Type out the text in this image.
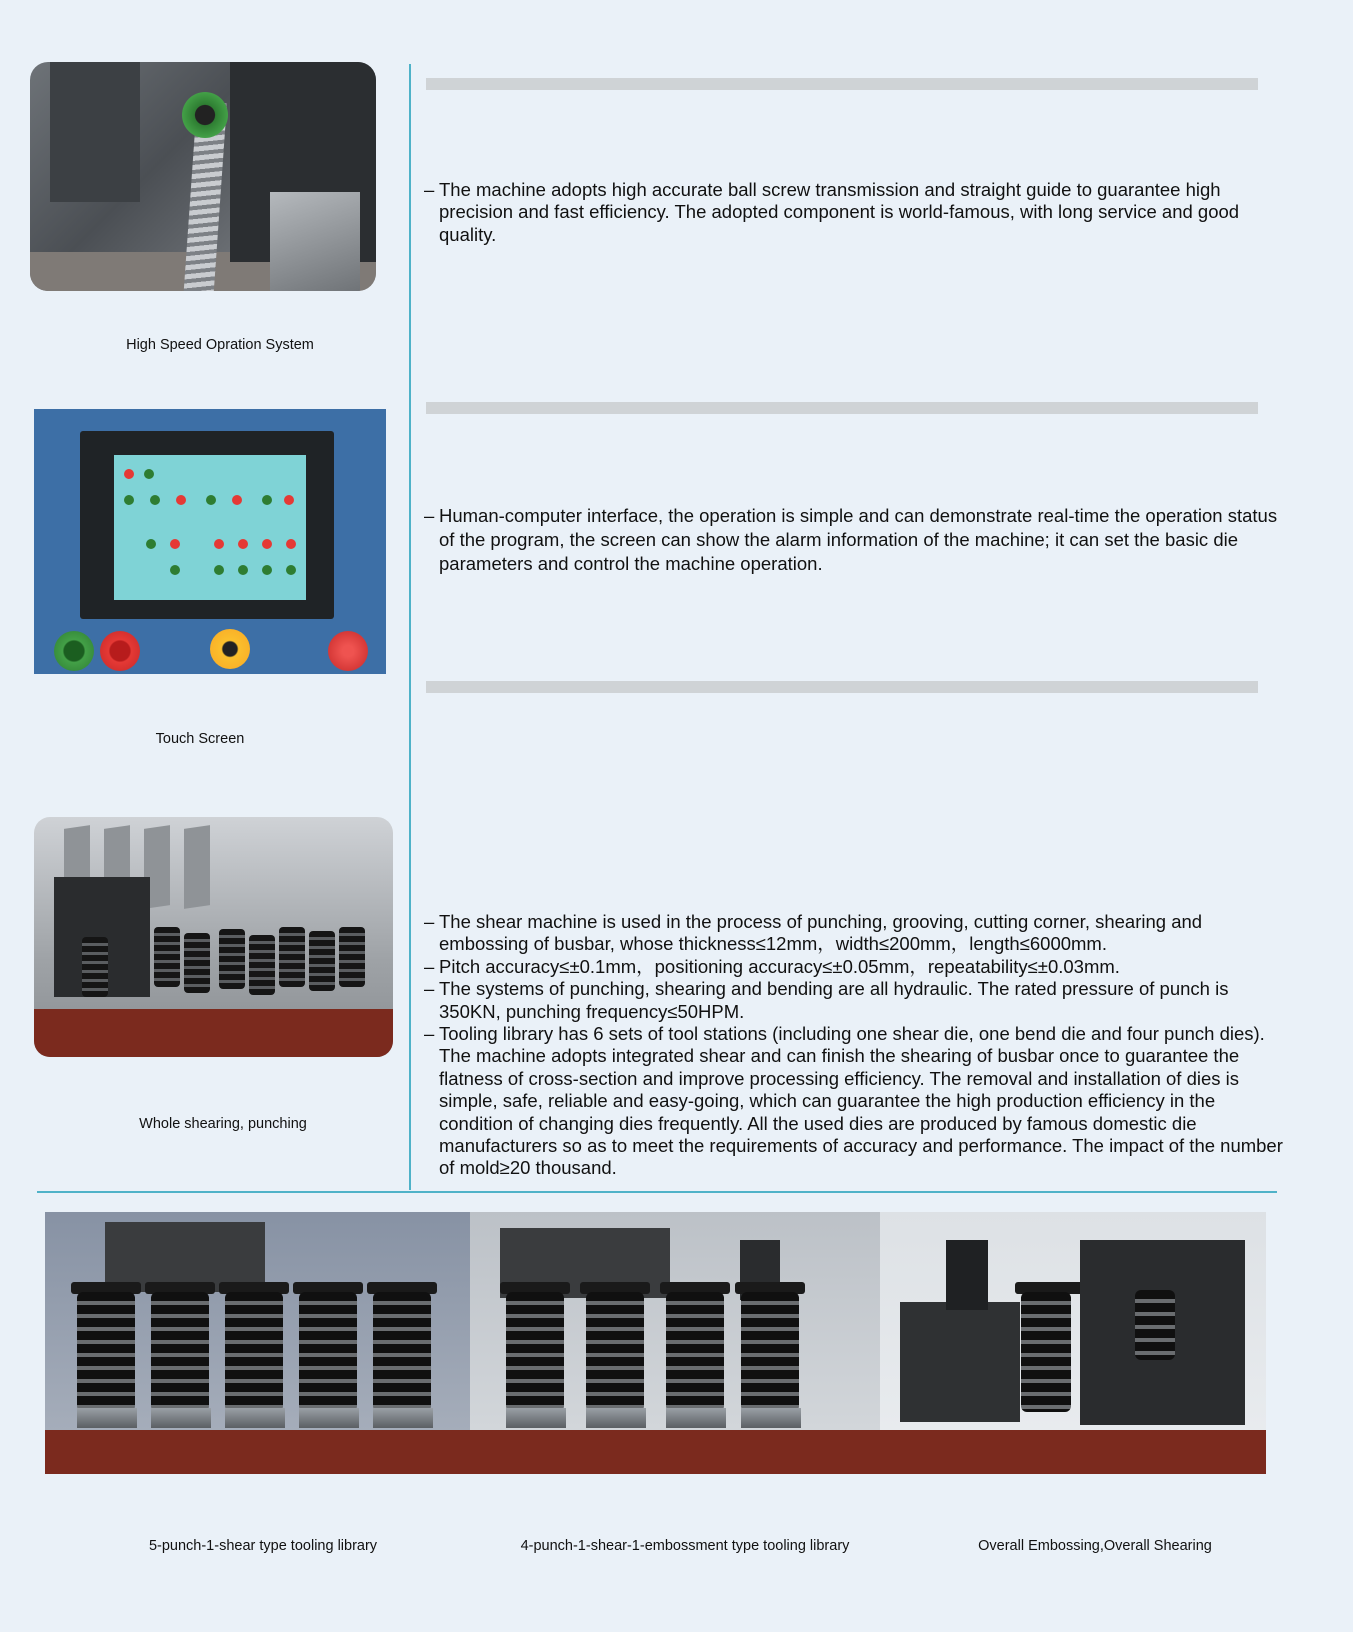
High Speed Opration System
Touch Screen
Whole shearing, punching
– The machine adopts high accurate ball screw transmission and straight guide to guarantee high precision and fast efficiency. The adopted component is world-famous, with long service and good quality.
– Human-computer interface, the operation is simple and can demonstrate real-time the operation status of the program, the screen can show the alarm information of the machine; it can set the basic die parameters and control the machine operation.
– The shear machine is used in the process of punching, grooving, cutting corner, shearing and embossing of busbar, whose thickness≤12mm，width≤200mm，length≤6000mm.
– Pitch accuracy≤±0.1mm，positioning accuracy≤±0.05mm，repeatability≤±0.03mm.
– The systems of punching, shearing and bending are all hydraulic. The rated pressure of punch is 350KN, punching frequency≤50HPM.
– Tooling library has 6 sets of tool stations (including one shear die, one bend die and four punch dies). The machine adopts integrated shear and can finish the shearing of busbar once to guarantee the flatness of cross-section and improve processing efficiency. The removal and installation of dies is simple, safe, reliable and easy-going, which can guarantee the high production efficiency in the condition of changing dies frequently. All the used dies are produced by famous domestic die manufacturers so as to meet the requirements of accuracy and performance. The impact of the number of mold≥20 thousand.
5-punch-1-shear type tooling library	4-punch-1-shear-1-embossment type tooling library	Overall Embossing,Overall Shearing
